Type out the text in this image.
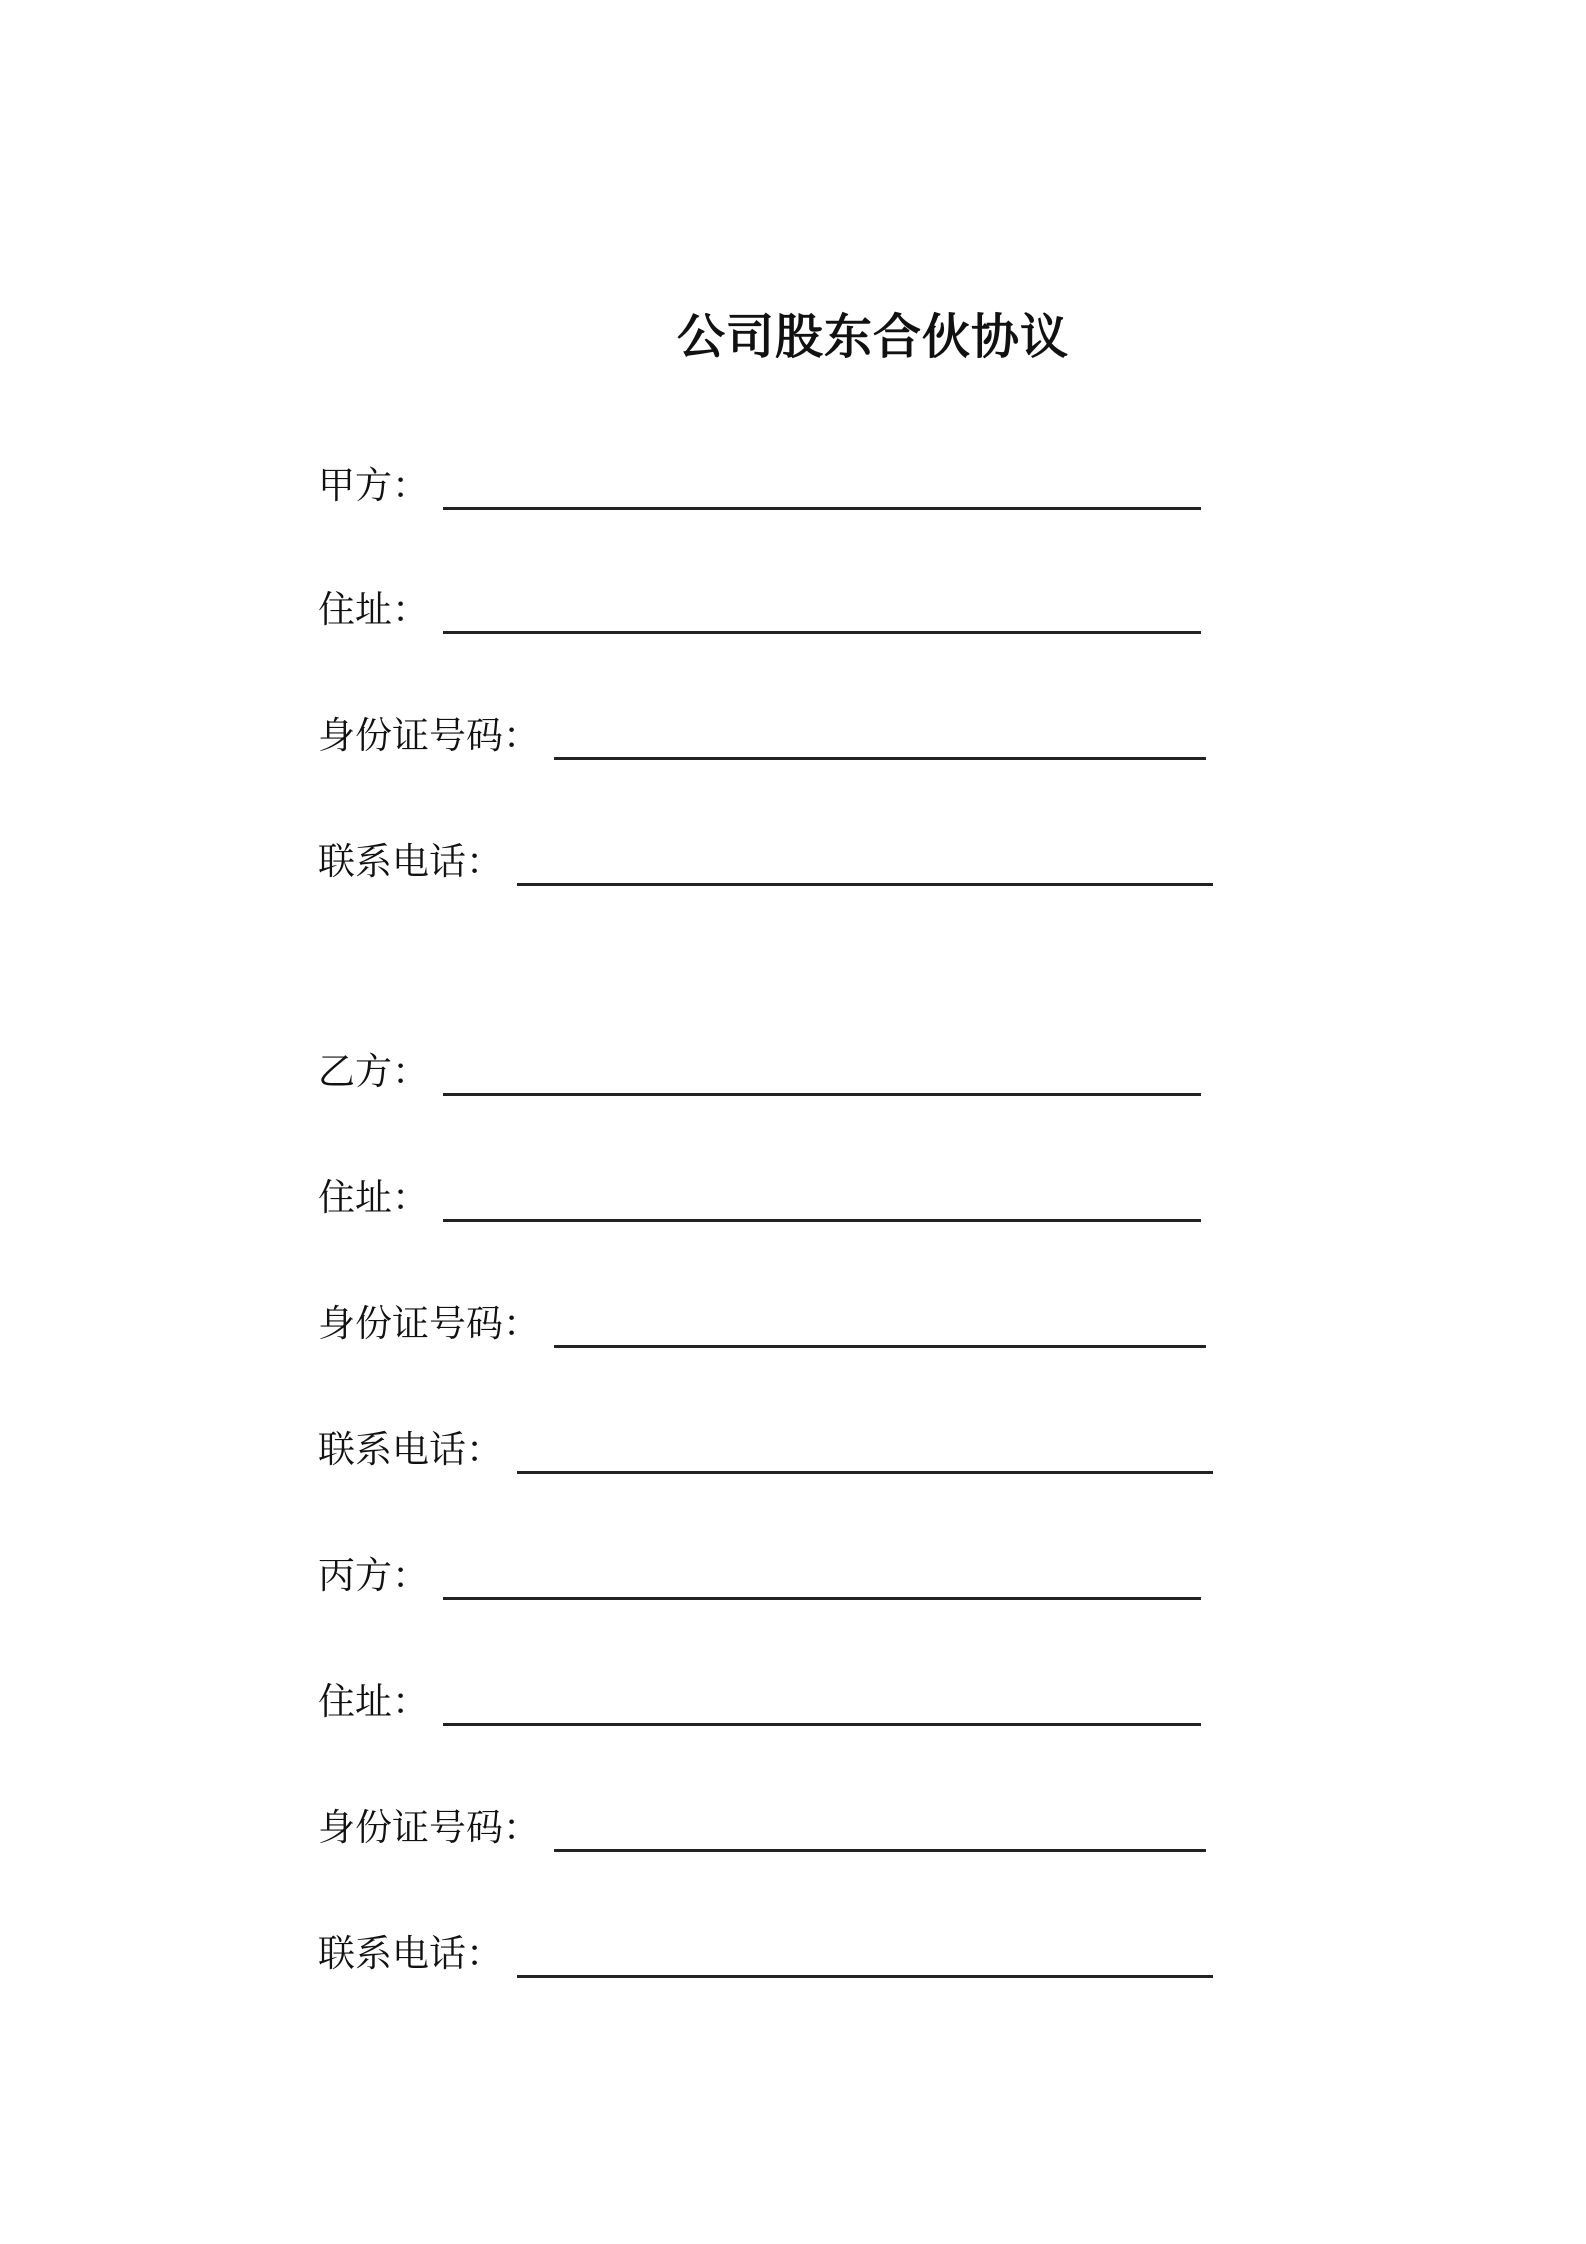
公司股东合伙协议
甲方：
住址：
身份证号码：
联系电话：
乙方：
住址：
身份证号码：
联系电话：
丙方：
住址：
身份证号码：
联系电话：
